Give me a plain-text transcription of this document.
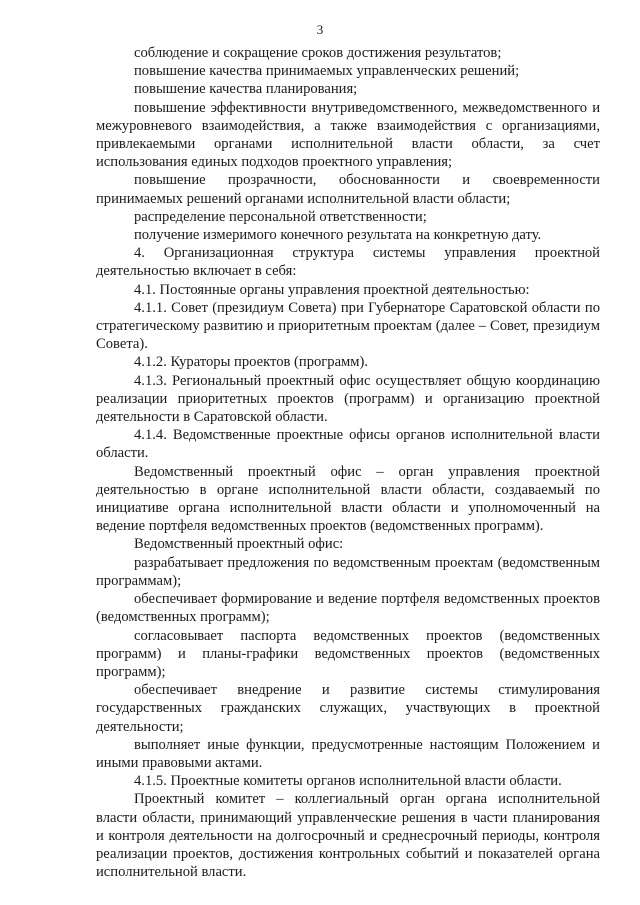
3

соблюдение и сокращение сроков достижения результатов;

повышение качества принимаемых управленческих решений;

повышение качества планирования;

повышение эффективности внутриведомственного, межведомственного и межуровневого взаимодействия, а также взаимодействия с организациями, привлекаемыми органами исполнительной власти области, за счет использования единых подходов проектного управления;

повышение прозрачности, обоснованности и своевременности принимаемых решений органами исполнительной власти области;

распределение персональной ответственности;

получение измеримого конечного результата на конкретную дату.

4. Организационная структура системы управления проектной деятельностью включает в себя:

4.1. Постоянные органы управления проектной деятельностью:

4.1.1. Совет (президиум Совета) при Губернаторе Саратовской области по стратегическому развитию и приоритетным проектам (далее – Совет, президиум Совета).

4.1.2. Кураторы проектов (программ).

4.1.3. Региональный проектный офис осуществляет общую координацию реализации приоритетных проектов (программ) и организацию проектной деятельности в Саратовской области.

4.1.4. Ведомственные проектные офисы органов исполнительной власти области.

Ведомственный проектный офис – орган управления проектной деятельностью в органе исполнительной власти области, создаваемый по инициативе органа исполнительной власти области и уполномоченный на ведение портфеля ведомственных проектов (ведомственных программ).

Ведомственный проектный офис:

разрабатывает предложения по ведомственным проектам (ведомственным программам);

обеспечивает формирование и ведение портфеля ведомственных проектов (ведомственных программ);

согласовывает паспорта ведомственных проектов (ведомственных программ) и планы-графики ведомственных проектов (ведомственных программ);

обеспечивает внедрение и развитие системы стимулирования государственных гражданских служащих, участвующих в проектной деятельности;

выполняет иные функции, предусмотренные настоящим Положением и иными правовыми актами.

4.1.5. Проектные комитеты органов исполнительной власти области.

Проектный комитет – коллегиальный орган органа исполнительной власти области, принимающий управленческие решения в части планирования и контроля деятельности на долгосрочный и среднесрочный периоды, контроля реализации проектов, достижения контрольных событий и показателей органа исполнительной власти.
